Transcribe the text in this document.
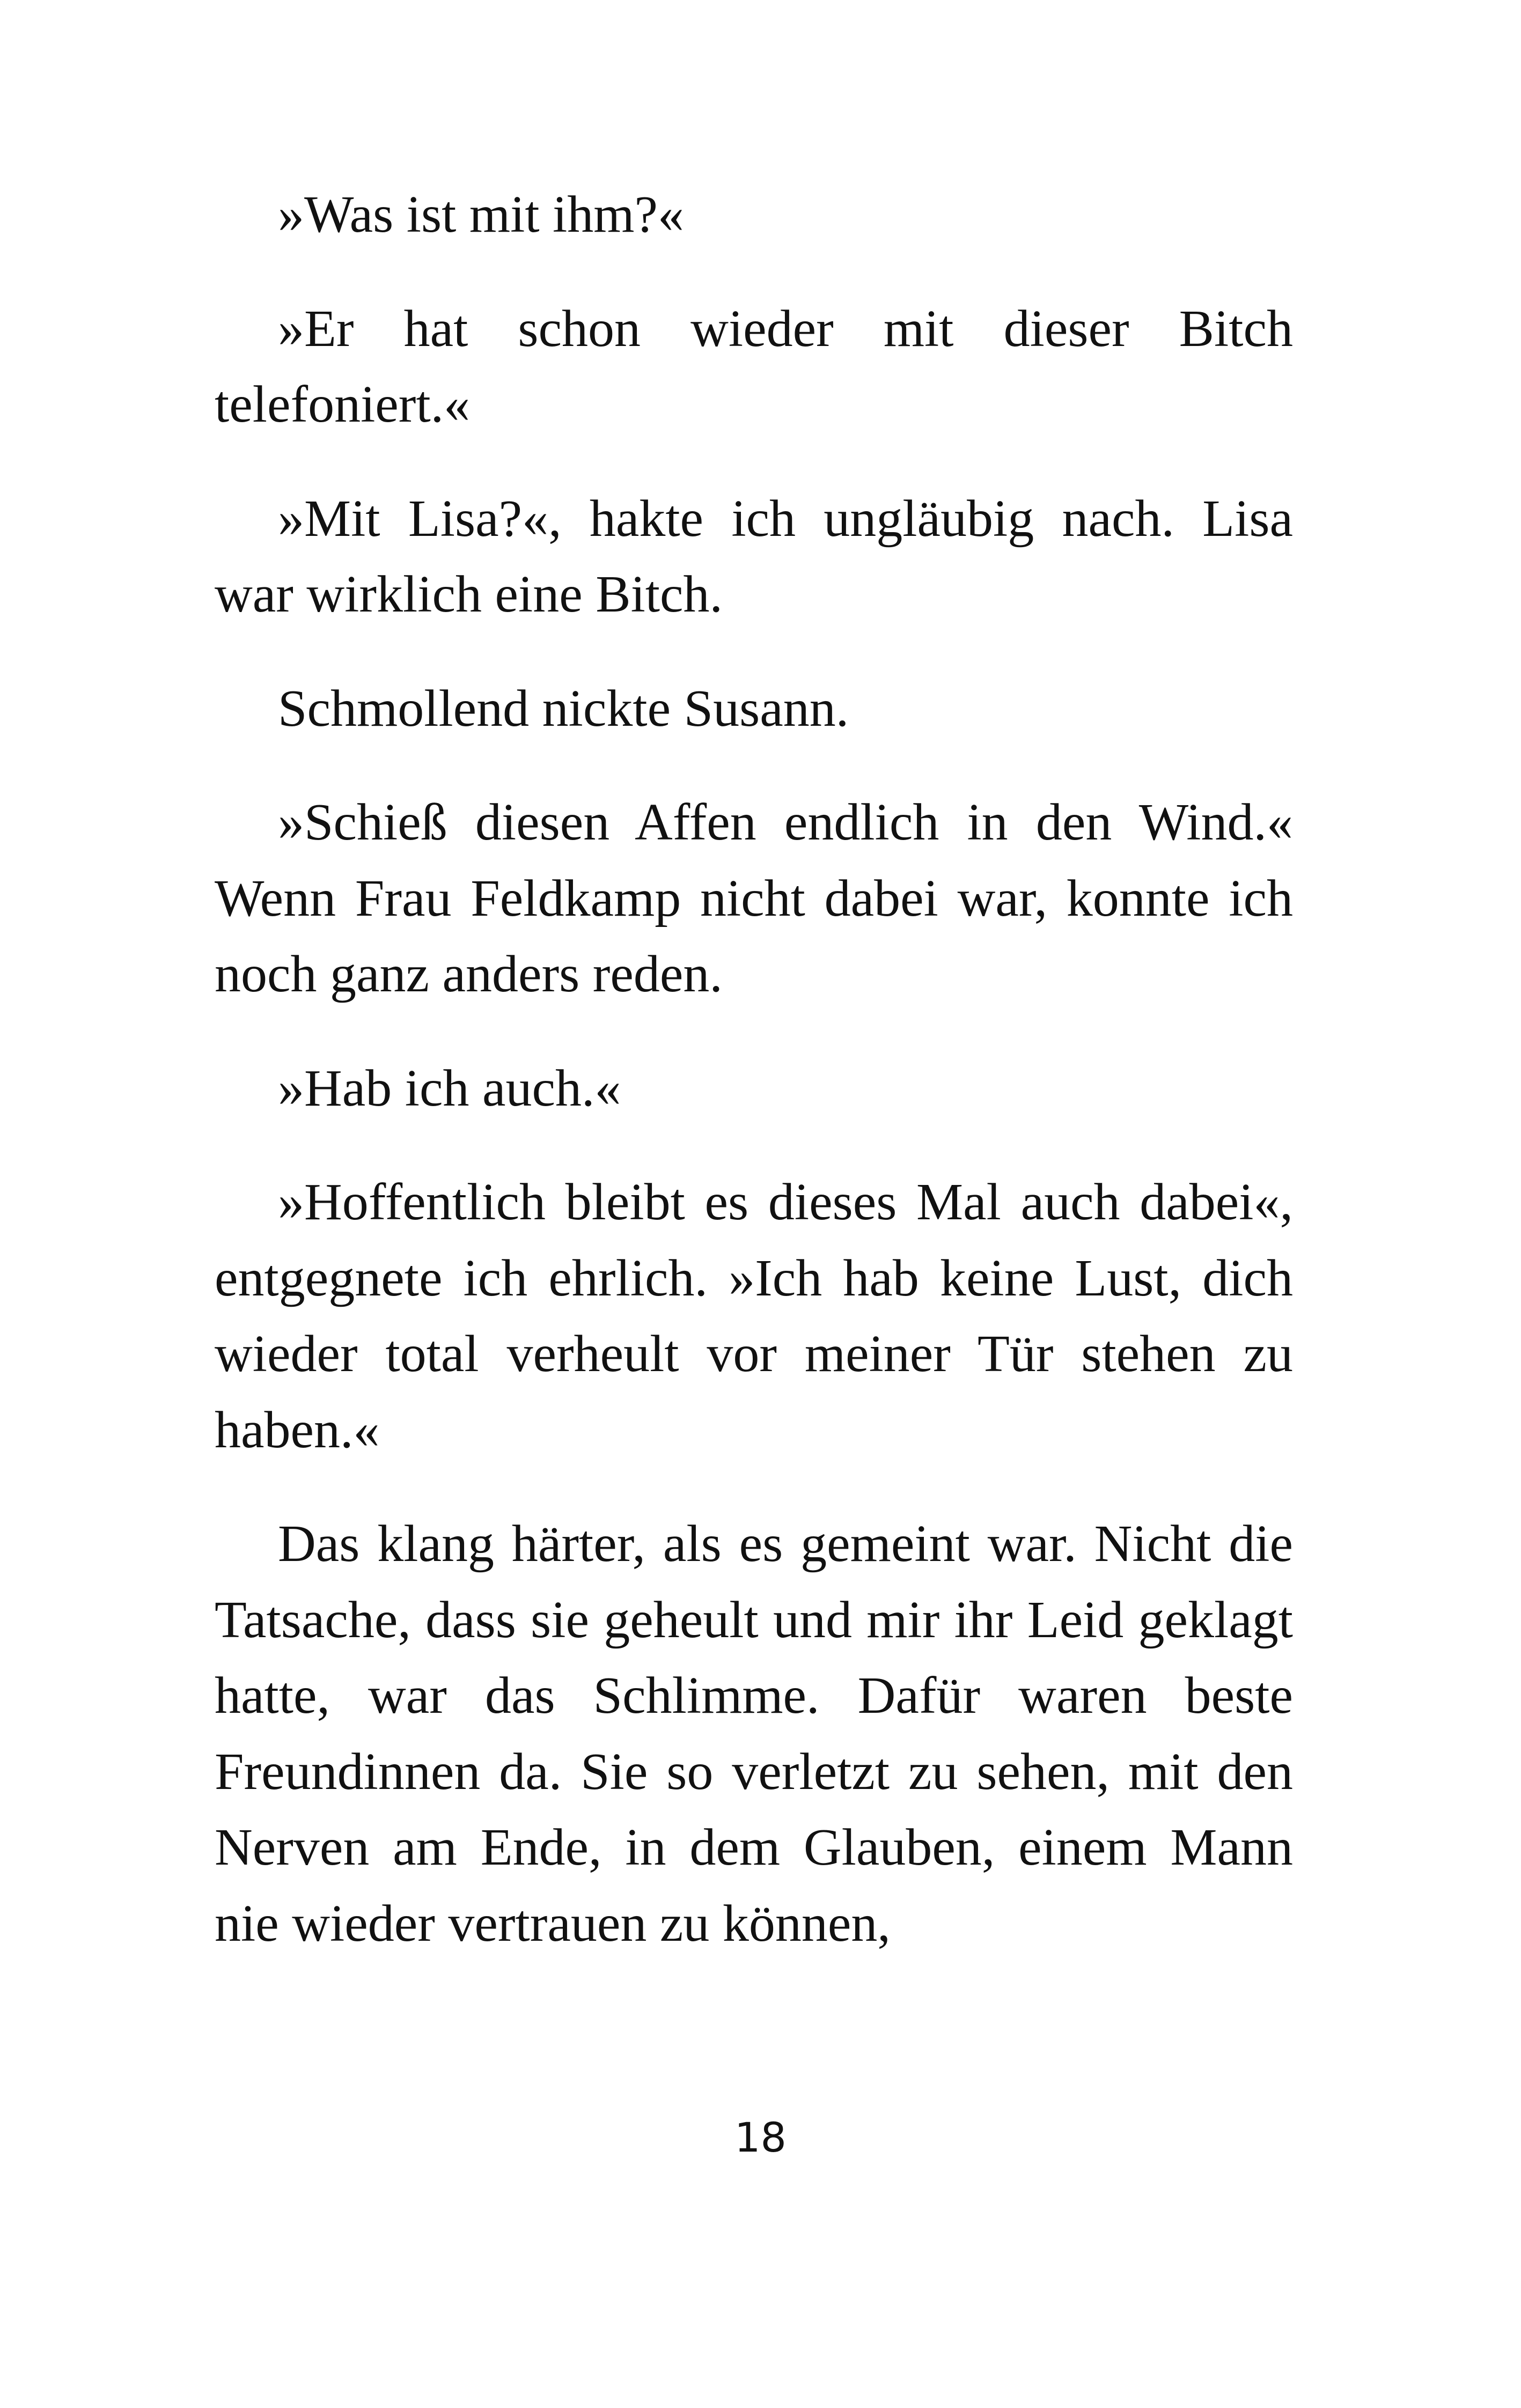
»Was ist mit ihm?«

»Er hat schon wieder mit dieser Bitch telefoniert.«

»Mit Lisa?«, hakte ich ungläubig nach. Lisa war wirklich eine Bitch.

Schmollend nickte Susann.

»Schieß diesen Affen endlich in den Wind.« Wenn Frau Feldkamp nicht dabei war, konnte ich noch ganz anders reden.

»Hab ich auch.«

»Hoffentlich bleibt es dieses Mal auch dabei«, entgegnete ich ehrlich. »Ich hab keine Lust, dich wieder total verheult vor meiner Tür stehen zu haben.«

Das klang härter, als es gemeint war. Nicht die Tatsache, dass sie geheult und mir ihr Leid geklagt hatte, war das Schlimme. Dafür waren beste Freundinnen da. Sie so verletzt zu sehen, mit den Nerven am Ende, in dem Glauben, einem Mann nie wieder vertrauen zu können,

18
